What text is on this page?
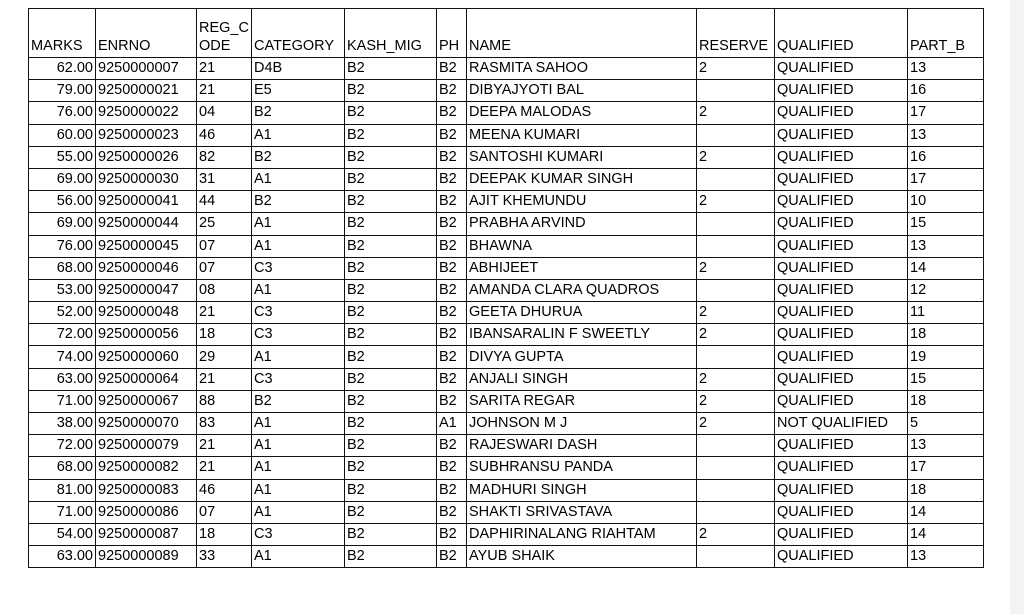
MARKS	ENRNO	REG_CODE	CATEGORY	KASH_MIG	PH	NAME	RESERVE	QUALIFIED	PART_B
62.00	9250000007	21	D4B	B2	B2	RASMITA SAHOO	2	QUALIFIED	13
79.00	9250000021	21	E5	B2	B2	DIBYAJYOTI BAL		QUALIFIED	16
76.00	9250000022	04	B2	B2	B2	DEEPA MALODAS	2	QUALIFIED	17
60.00	9250000023	46	A1	B2	B2	MEENA KUMARI		QUALIFIED	13
55.00	9250000026	82	B2	B2	B2	SANTOSHI KUMARI	2	QUALIFIED	16
69.00	9250000030	31	A1	B2	B2	DEEPAK KUMAR SINGH		QUALIFIED	17
56.00	9250000041	44	B2	B2	B2	AJIT KHEMUNDU	2	QUALIFIED	10
69.00	9250000044	25	A1	B2	B2	PRABHA ARVIND		QUALIFIED	15
76.00	9250000045	07	A1	B2	B2	BHAWNA		QUALIFIED	13
68.00	9250000046	07	C3	B2	B2	ABHIJEET	2	QUALIFIED	14
53.00	9250000047	08	A1	B2	B2	AMANDA CLARA QUADROS		QUALIFIED	12
52.00	9250000048	21	C3	B2	B2	GEETA DHURUA	2	QUALIFIED	11
72.00	9250000056	18	C3	B2	B2	IBANSARALIN F SWEETLY	2	QUALIFIED	18
74.00	9250000060	29	A1	B2	B2	DIVYA GUPTA		QUALIFIED	19
63.00	9250000064	21	C3	B2	B2	ANJALI SINGH	2	QUALIFIED	15
71.00	9250000067	88	B2	B2	B2	SARITA REGAR	2	QUALIFIED	18
38.00	9250000070	83	A1	B2	A1	JOHNSON M J	2	NOT QUALIFIED	5
72.00	9250000079	21	A1	B2	B2	RAJESWARI DASH		QUALIFIED	13
68.00	9250000082	21	A1	B2	B2	SUBHRANSU PANDA		QUALIFIED	17
81.00	9250000083	46	A1	B2	B2	MADHURI SINGH		QUALIFIED	18
71.00	9250000086	07	A1	B2	B2	SHAKTI SRIVASTAVA		QUALIFIED	14
54.00	9250000087	18	C3	B2	B2	DAPHIRINALANG RIAHTAM	2	QUALIFIED	14
63.00	9250000089	33	A1	B2	B2	AYUB SHAIK		QUALIFIED	13
